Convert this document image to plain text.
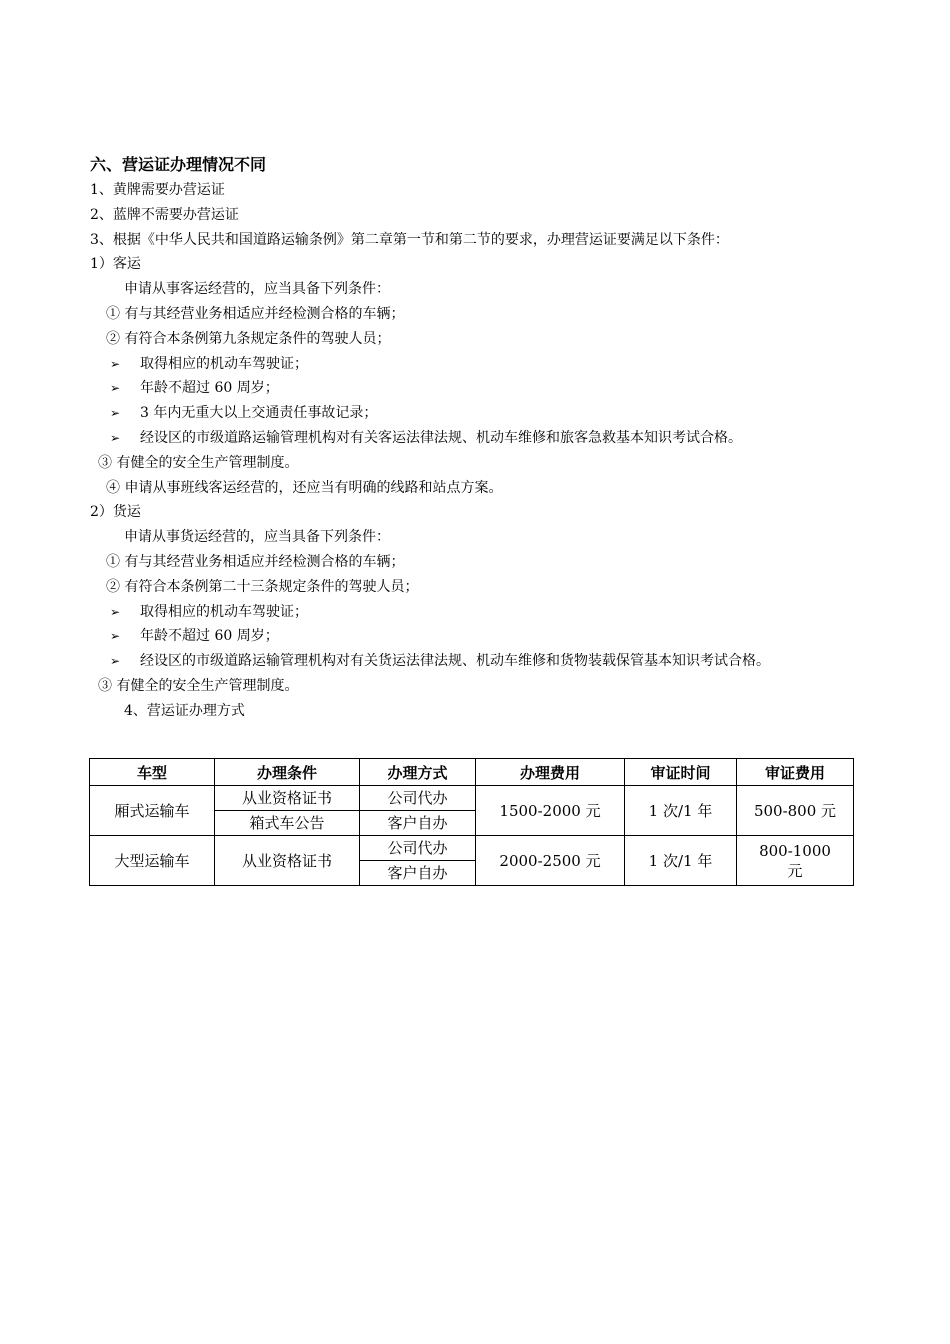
六、营运证办理情况不同
1、黄牌需要办营运证
2、蓝牌不需要办营运证
3、根据《中华人民共和国道路运输条例》第二章第一节和第二节的要求，办理营运证要满足以下条件：
1）客运
申请从事客运经营的，应当具备下列条件：
① 有与其经营业务相适应并经检测合格的车辆；
② 有符合本条例第九条规定条件的驾驶人员；
➢ 取得相应的机动车驾驶证；
➢ 年龄不超过 60 周岁；
➢ 3 年内无重大以上交通责任事故记录；
➢ 经设区的市级道路运输管理机构对有关客运法律法规、机动车维修和旅客急救基本知识考试合格。
③ 有健全的安全生产管理制度。
④ 申请从事班线客运经营的，还应当有明确的线路和站点方案。
2）货运
申请从事货运经营的，应当具备下列条件：
① 有与其经营业务相适应并经检测合格的车辆；
② 有符合本条例第二十三条规定条件的驾驶人员；
➢ 取得相应的机动车驾驶证；
➢ 年龄不超过 60 周岁；
➢ 经设区的市级道路运输管理机构对有关货运法律法规、机动车维修和货物装载保管基本知识考试合格。
③ 有健全的安全生产管理制度。
4、营运证办理方式
车型	办理条件	办理方式	办理费用	审证时间	审证费用
厢式运输车	从业资格证书	公司代办	1500-2000 元	1 次/1 年	500-800 元
	箱式车公告	客户自办			
大型运输车	从业资格证书	公司代办	2000-2500 元	1 次/1 年	800-1000 元
		客户自办			
